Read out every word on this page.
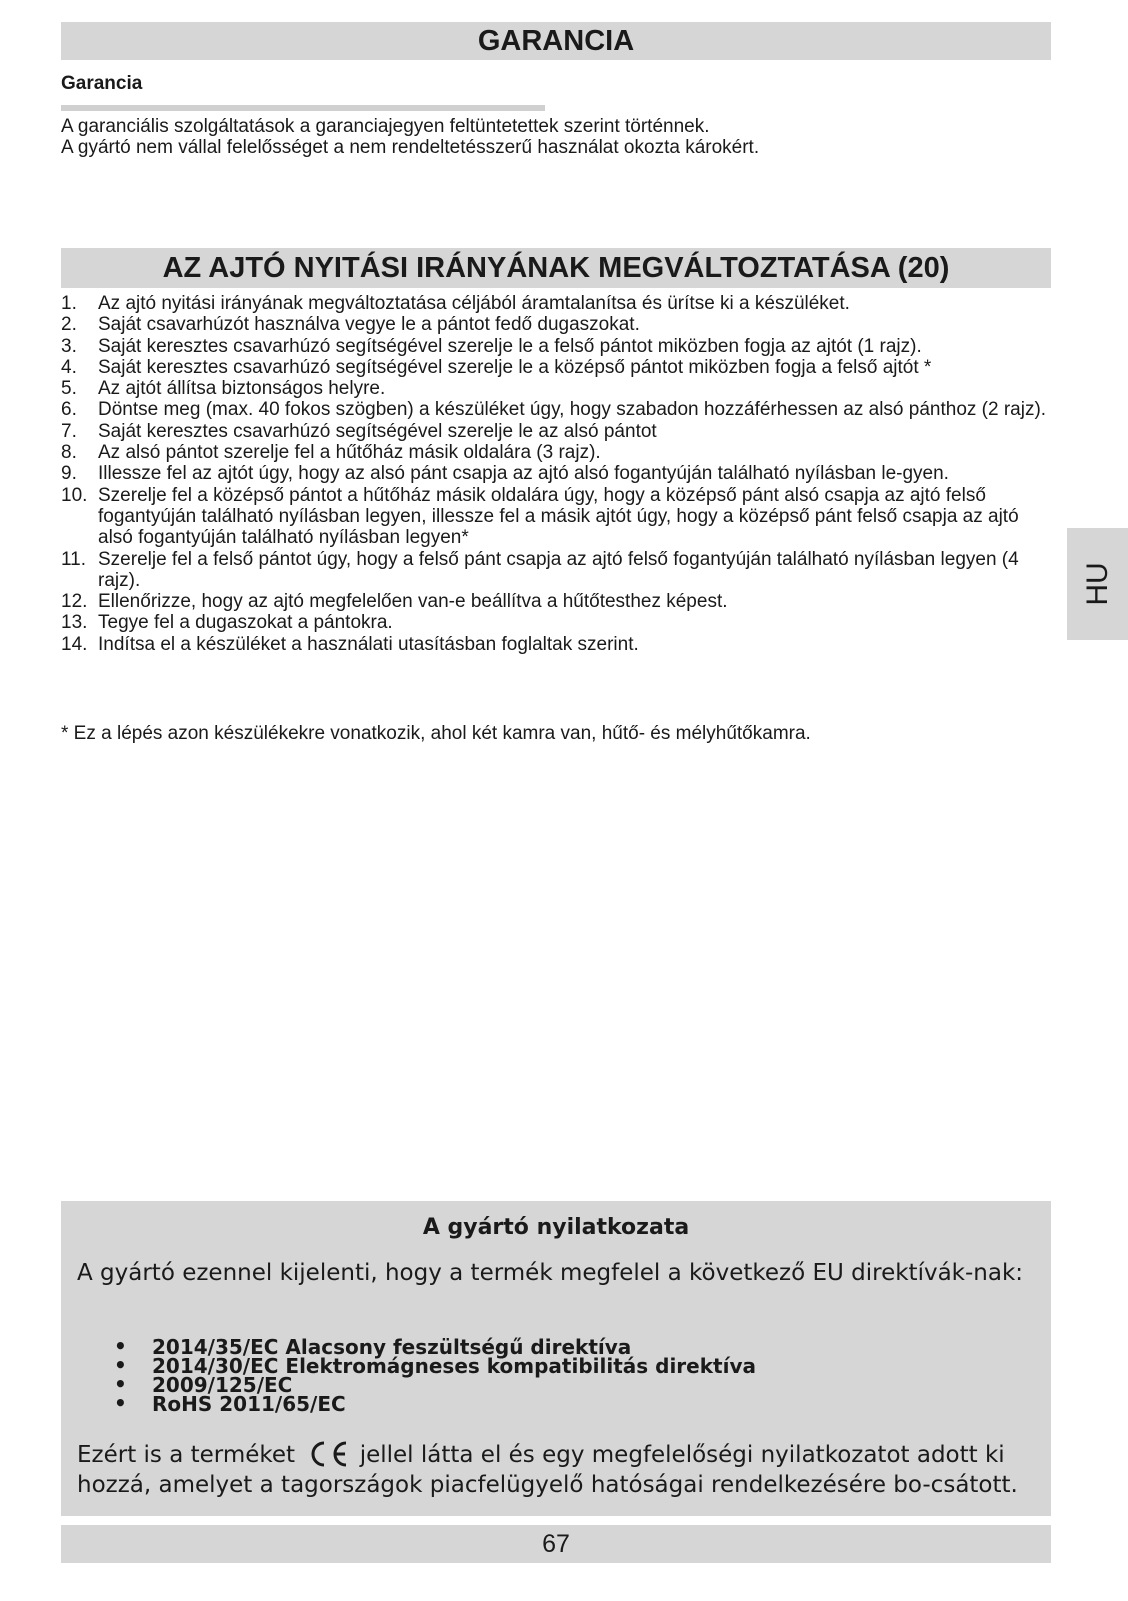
GARANCIA
Garancia

A garanciális szolgáltatások a garanciajegyen feltüntetettek szerint történnek.

A gyártó nem vállal felelősséget a nem rendeltetésszerű használat okozta károkért.

AZ AJTÓ NYITÁSI IRÁNYÁNAK MEGVÁLTOZTATÁSA (20)
1. Az ajtó nyitási irányának megváltoztatása céljából áramtalanítsa és ürítse ki a készüléket.
2. Saját csavarhúzót használva vegye le a pántot fedő dugaszokat.
3. Saját keresztes csavarhúzó segítségével szerelje le a felső pántot miközben fogja az ajtót (1 rajz).
4. Saját keresztes csavarhúzó segítségével szerelje le a középső pántot miközben fogja a felső ajtót *
5. Az ajtót állítsa biztonságos helyre.
6. Döntse meg (max. 40 fokos szögben) a készüléket úgy, hogy szabadon hozzáférhessen az alsó pánthoz (2 rajz).
7. Saját keresztes csavarhúzó segítségével szerelje le az alsó pántot
8. Az alsó pántot szerelje fel a hűtőház másik oldalára (3 rajz).
9. Illessze fel az ajtót úgy, hogy az alsó pánt csapja az ajtó alsó fogantyúján található nyílásban le-gyen.
10. Szerelje fel a középső pántot a hűtőház másik oldalára úgy, hogy a középső pánt alsó csapja az ajtó felső fogantyúján található nyílásban legyen, illessze fel a másik ajtót úgy, hogy a középső pánt felső csapja az ajtó alsó fogantyúján található nyílásban legyen*
11. Szerelje fel a felső pántot úgy, hogy a felső pánt csapja az ajtó felső fogantyúján található nyílásban legyen (4 rajz).
12. Ellenőrizze, hogy az ajtó megfelelően van-e beállítva a hűtőtesthez képest.
13. Tegye fel a dugaszokat a pántokra.
14. Indítsa el a készüléket a használati utasításban foglaltak szerint.
* Ez a lépés azon készülékekre vonatkozik, ahol két kamra van, hűtő- és mélyhűtőkamra.
A gyártó nyilatkozata

A gyártó ezennel kijelenti, hogy a termék megfelel a következő EU direktívák-nak:

• 2014/35/EC Alacsony feszültségű direktíva
• 2014/30/EC Elektromágneses kompatibilitás direktíva
• 2009/125/EC
• RoHS 2011/65/EC

Ezért is a terméket	jellel látta el és egy megfelelőségi nyilatkozatot adott ki hozzá, amelyet a tagországok piacfelügyelő hatóságai rendelkezésére bo-csátott.

67
HU
